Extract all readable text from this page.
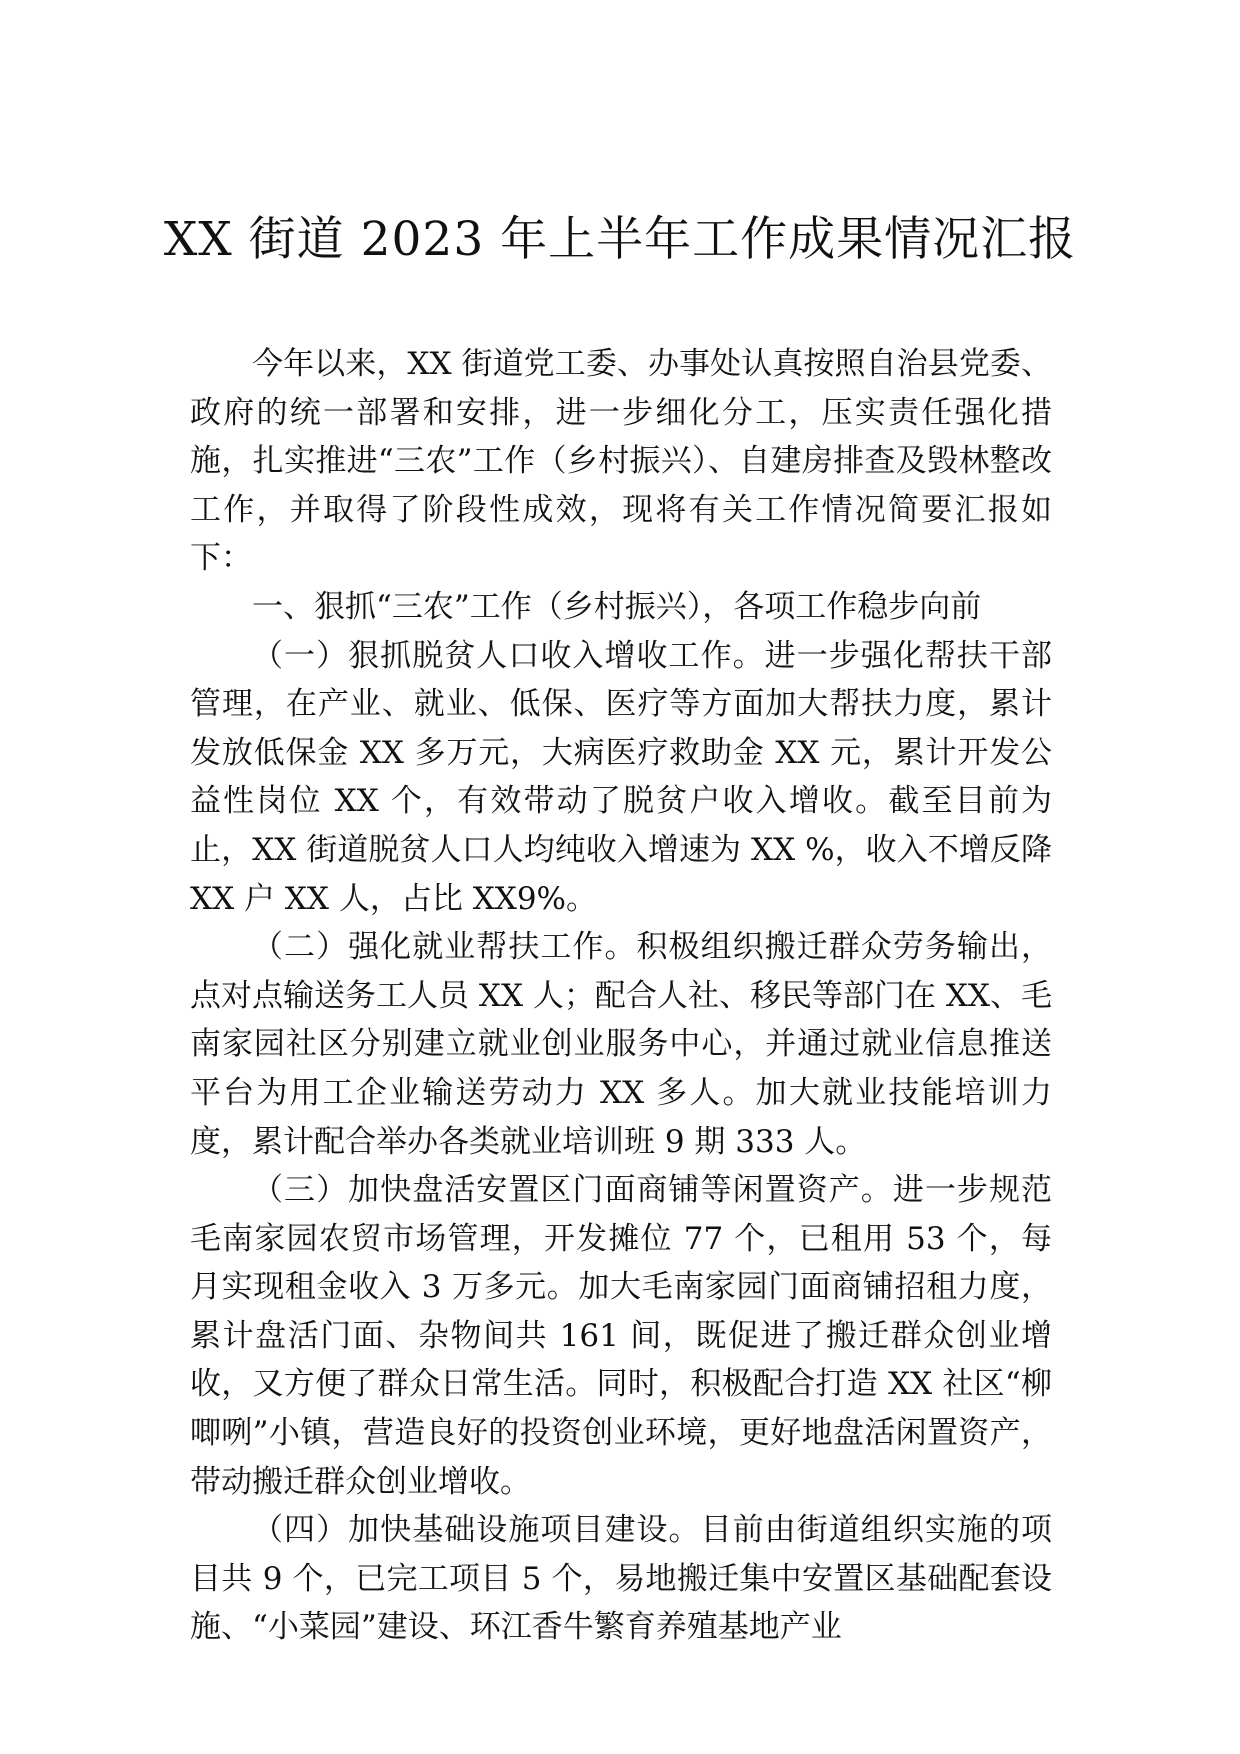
XX 街道 2023 年上半年工作成果情况汇报

今年以来，XX 街道党工委、办事处认真按照自治县党委、政府的统一部署和安排，进一步细化分工，压实责任强化措施，扎实推进“三农”工作（乡村振兴）、自建房排查及毁林整改工作，并取得了阶段性成效，现将有关工作情况简要汇报如下：

一、狠抓“三农”工作（乡村振兴），各项工作稳步向前

（一）狠抓脱贫人口收入增收工作。进一步强化帮扶干部管理，在产业、就业、低保、医疗等方面加大帮扶力度，累计发放低保金 XX 多万元，大病医疗救助金 XX 元，累计开发公益性岗位 XX 个，有效带动了脱贫户收入增收。截至目前为止，XX 街道脱贫人口人均纯收入增速为 XX %，收入不增反降 XX 户 XX 人，占比 XX9%。

（二）强化就业帮扶工作。积极组织搬迁群众劳务输出，点对点输送务工人员 XX 人；配合人社、移民等部门在 XX、毛南家园社区分别建立就业创业服务中心，并通过就业信息推送平台为用工企业输送劳动力 XX 多人。加大就业技能培训力度，累计配合举办各类就业培训班 9 期 333 人。

（三）加快盘活安置区门面商铺等闲置资产。进一步规范毛南家园农贸市场管理，开发摊位 77 个，已租用 53 个，每月实现租金收入 3 万多元。加大毛南家园门面商铺招租力度，累计盘活门面、杂物间共 161 间，既促进了搬迁群众创业增收，又方便了群众日常生活。同时，积极配合打造 XX 社区“柳唧咧”小镇，营造良好的投资创业环境，更好地盘活闲置资产，带动搬迁群众创业增收。

（四）加快基础设施项目建设。目前由街道组织实施的项目共 9 个，已完工项目 5 个，易地搬迁集中安置区基础配套设施、“小菜园”建设、环江香牛繁育养殖基地产业
